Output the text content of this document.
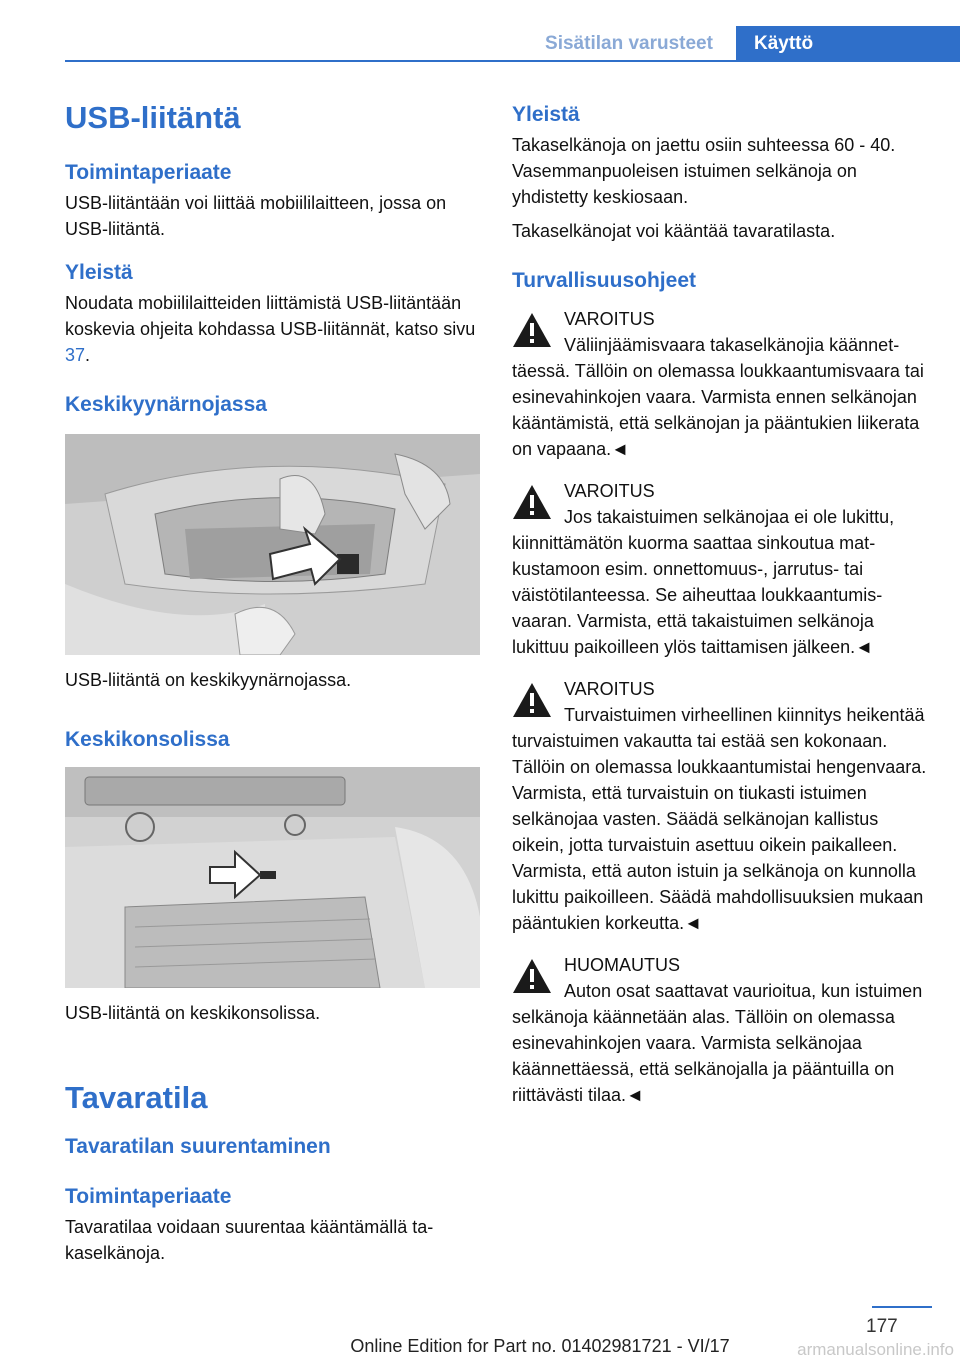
Sisätilan varusteet	Käyttö
USB-liitäntä
Toimintaperiaate

USB-liitäntään voi liittää mobiililaitteen, jossa on USB-liitäntä.

Yleistä

Noudata mobiililaitteiden liittämistä USB-liitäntään koskevia ohjeita kohdassa USB-liitännät, katso sivu 37.

Keskikyynärnojassa

USB-liitäntä on keskikyynärnojassa.

Keskikonsolissa

USB-liitäntä on keskikonsolissa.

Tavaratila
Tavaratilan suurentaminen
Toimintaperiaate

Tavaratilaa voidaan suurentaa kääntämällä takaselkänoja.

Yleistä

Takaselkänoja on jaettu osiin suhteessa 60 - 40. Vasemmanpuoleisen istuimen selkänoja on yhdistetty keskiosaan.

Takaselkänojat voi kääntää tavaratilasta.

Turvallisuusohjeet

VAROITUS

Väliinjäämisvaara takaselkänojia käännettäessä. Tällöin on olemassa loukkaantumisvaara tai esinevahinkojen vaara. Varmista ennen selkänojan kääntämistä, että selkänojan ja pääntukien liikerata on vapaana.◄

VAROITUS

Jos takaistuimen selkänojaa ei ole lukittu, kiinnittämätön kuorma saattaa sinkoutua matkustamoon esim. onnettomuus-, jarrutus- tai väistötilanteessa. Se aiheuttaa loukkaantumisvaaran. Varmista, että takaistuimen selkänoja lukittuu paikoilleen ylös taittamisen jälkeen.◄

VAROITUS

Turvaistuimen virheellinen kiinnitys heikentää turvaistuimen vakautta tai estää sen kokonaan. Tällöin on olemassa loukkaantumistai hengenvaara. Varmista, että turvaistuin on tiukasti istuimen selkänojaa vasten. Säädä selkänojan kallistus oikein, jotta turvaistuin asettuu oikein paikalleen. Varmista, että auton istuin ja selkänoja on kunnolla lukittu paikoilleen. Säädä mahdollisuuksien mukaan pääntukien korkeutta.◄

HUOMAUTUS

Auton osat saattavat vaurioitua, kun istuimen selkänoja käännetään alas. Tällöin on olemassa esinevahinkojen vaara. Varmista selkänojaa käännettäessä, että selkänojalla ja pääntuilla on riittävästi tilaa.◄

177
Online Edition for Part no. 01402981721 - VI/17	armanualsonline.info
